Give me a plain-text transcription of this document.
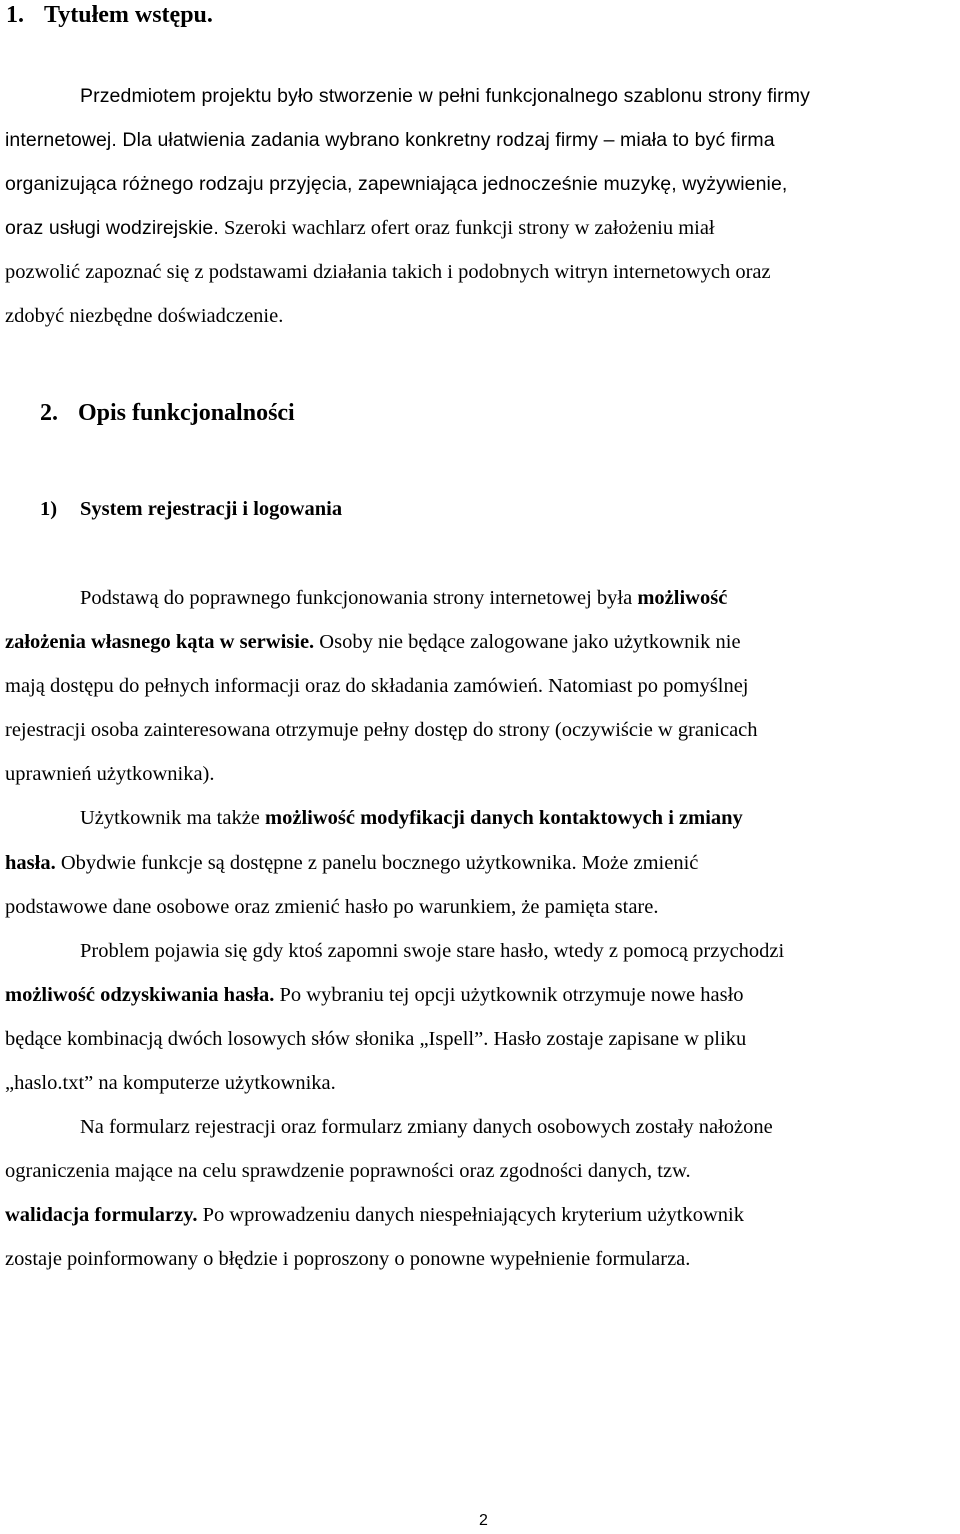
1. Tytułem wstępu.
Przedmiotem projektu było stworzenie w pełni funkcjonalnego szablonu strony firmy
internetowej. Dla ułatwienia zadania wybrano konkretny rodzaj firmy – miała to być firma
organizująca różnego rodzaju przyjęcia, zapewniająca jednocześnie muzykę, wyżywienie,
oraz usługi wodzirejskie. Szeroki wachlarz ofert oraz funkcji strony w założeniu miał
pozwolić zapoznać się z podstawami działania takich i podobnych witryn internetowych oraz
zdobyć niezbędne doświadczenie.
2. Opis funkcjonalności
1) System rejestracji i logowania
Podstawą do poprawnego funkcjonowania strony internetowej była możliwość
założenia własnego kąta w serwisie. Osoby nie będące zalogowane jako użytkownik nie
mają dostępu do pełnych informacji oraz do składania zamówień. Natomiast po pomyślnej
rejestracji osoba zainteresowana otrzymuje pełny dostęp do strony (oczywiście w granicach
uprawnień użytkownika).
Użytkownik ma także możliwość modyfikacji danych kontaktowych i zmiany
hasła. Obydwie funkcje są dostępne z panelu bocznego użytkownika. Może zmienić
podstawowe dane osobowe oraz zmienić hasło po warunkiem, że pamięta stare.
Problem pojawia się gdy ktoś zapomni swoje stare hasło, wtedy z pomocą przychodzi
możliwość odzyskiwania hasła. Po wybraniu tej opcji użytkownik otrzymuje nowe hasło
będące kombinacją dwóch losowych słów słonika „Ispell”. Hasło zostaje zapisane w pliku
„haslo.txt” na komputerze użytkownika.
Na formularz rejestracji oraz formularz zmiany danych osobowych zostały nałożone
ograniczenia mające na celu sprawdzenie poprawności oraz zgodności danych, tzw.
walidacja formularzy. Po wprowadzeniu danych niespełniających kryterium użytkownik
zostaje poinformowany o błędzie i poproszony o ponowne wypełnienie formularza.
2
